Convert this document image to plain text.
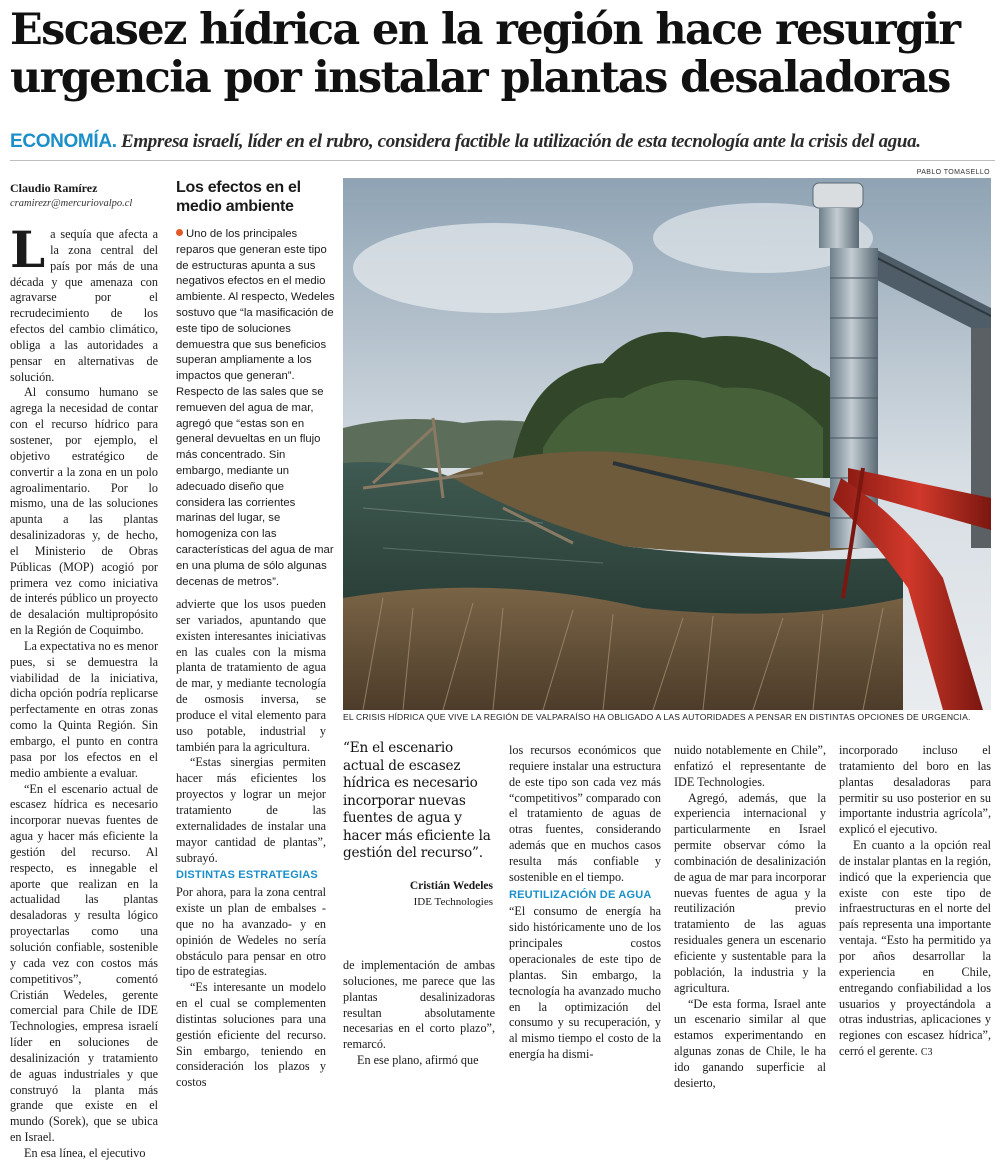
Escasez hídrica en la región hace resurgir urgencia por instalar plantas desaladoras
ECONOMÍA. Empresa israelí, líder en el rubro, considera factible la utilización de esta tecnología ante la crisis del agua.
Claudio Ramírez
cramirezr@mercuriovalpo.cl

La sequía que afecta a la zona central del país por más de una década y que amenaza con agravarse por el recrudecimiento de los efectos del cambio climático, obliga a las autoridades a pensar en alternativas de solución.

Al consumo humano se agrega la necesidad de contar con el recurso hídrico para sostener, por ejemplo, el objetivo estratégico de convertir a la zona en un polo agroalimentario. Por lo mismo, una de las soluciones apunta a las plantas desalinizadoras y, de hecho, el Ministerio de Obras Públicas (MOP) acogió por primera vez como iniciativa de interés público un proyecto de desalación multipropósito en la Región de Coquimbo.

La expectativa no es menor pues, si se demuestra la viabilidad de la iniciativa, dicha opción podría replicarse perfectamente en otras zonas como la Quinta Región. Sin embargo, el punto en contra pasa por los efectos en el medio ambiente a evaluar.

“En el escenario actual de escasez hídrica es necesario incorporar nuevas fuentes de agua y hacer más eficiente la gestión del recurso. Al respecto, es innegable el aporte que realizan en la actualidad las plantas desaladoras y resulta lógico proyectarlas como una solución confiable, sostenible y cada vez con costos más competitivos”, comentó Cristián Wedeles, gerente comercial para Chile de IDE Technologies, empresa israelí líder en soluciones de desalinización y tratamiento de aguas industriales y que construyó la planta más grande que existe en el mundo (Sorek), que se ubica en Israel.

En esa línea, el ejecutivo

Los efectos en el medio ambiente
Uno de los principales reparos que generan este tipo de estructuras apunta a sus negativos efectos en el medio ambiente. Al respecto, Wedeles sostuvo que “la masificación de este tipo de soluciones demuestra que sus beneficios superan ampliamente a los impactos que generan”. Respecto de las sales que se remueven del agua de mar, agregó que “estas son en general devueltas en un flujo más concentrado. Sin embargo, mediante un adecuado diseño que considera las corrientes marinas del lugar, se homogeniza con las características del agua de mar en una pluma de sólo algunas decenas de metros”.

advierte que los usos pueden ser variados, apuntando que existen interesantes iniciativas en las cuales con la misma planta de tratamiento de agua de mar, y mediante tecnología de osmosis inversa, se produce el vital elemento para uso potable, industrial y también para la agricultura.

“Estas sinergias permiten hacer más eficientes los proyectos y lograr un mejor tratamiento de las externalidades de instalar una mayor cantidad de plantas”, subrayó.

DISTINTAS ESTRATEGIAS

Por ahora, para la zona central existe un plan de embalses -que no ha avanzado- y en opinión de Wedeles no sería obstáculo para pensar en otro tipo de estrategias.

“Es interesante un modelo en el cual se complementen distintas soluciones para una gestión eficiente del recurso. Sin embargo, teniendo en consideración los plazos y costos

PABLO TOMASELLO
EL CRISIS HÍDRICA QUE VIVE LA REGIÓN DE VALPARAÍSO HA OBLIGADO A LAS AUTORIDADES A PENSAR EN DISTINTAS OPCIONES DE URGENCIA.
“En el escenario actual de escasez hídrica es necesario incorporar nuevas fuentes de agua y hacer más eficiente la gestión del recurso”.
Cristián Wedeles
IDE Technologies

de implementación de ambas soluciones, me parece que las plantas desalinizadoras resultan absolutamente necesarias en el corto plazo”, remarcó.

En ese plano, afirmó que

los recursos económicos que requiere instalar una estructura de este tipo son cada vez más “competitivos” comparado con el tratamiento de aguas de otras fuentes, considerando además que en muchos casos resulta más confiable y sostenible en el tiempo.

REUTILIZACIÓN DE AGUA

“El consumo de energía ha sido históricamente uno de los principales costos operacionales de este tipo de plantas. Sin embargo, la tecnología ha avanzado mucho en la optimización del consumo y su recuperación, y al mismo tiempo el costo de la energía ha dismi-

nuido notablemente en Chile”, enfatizó el representante de IDE Technologies.

Agregó, además, que la experiencia internacional y particularmente en Israel permite observar cómo la combinación de desalinización de agua de mar para incorporar nuevas fuentes de agua y la reutilización previo tratamiento de las aguas residuales genera un escenario eficiente y sustentable para la población, la industria y la agricultura.

“De esta forma, Israel ante un escenario similar al que estamos experimentando en algunas zonas de Chile, le ha ido ganando superficie al desierto,

incorporado incluso el tratamiento del boro en las plantas desaladoras para permitir su uso posterior en su importante industria agrícola”, explicó el ejecutivo.

En cuanto a la opción real de instalar plantas en la región, indicó que la experiencia que existe con este tipo de infraestructuras en el norte del país representa una importante ventaja. “Esto ha permitido ya por años desarrollar la experiencia en Chile, entregando confiabilidad a los usuarios y proyectándola a otras industrias, aplicaciones y regiones con escasez hídrica”, cerró el gerente. C3
